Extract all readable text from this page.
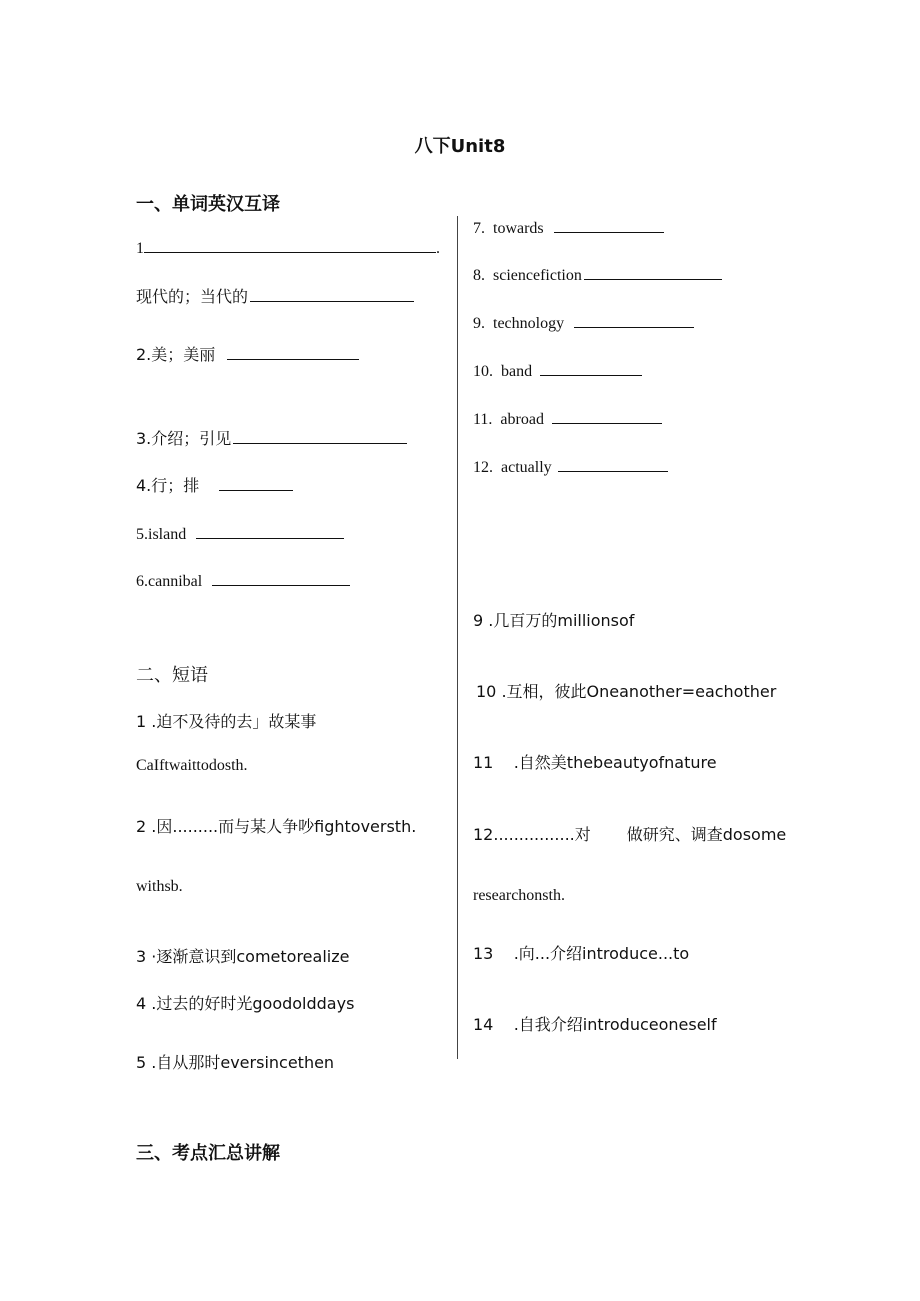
八下Unit8
一、单词英汉互译
1	.
现代的；当代的
2.美；美丽
3.介绍；引见
4.行；排
5.island
6.cannibal
7. towards
8. sciencefiction
9. technology
10. band
11. abroad
12. actually
二、短语
1 .迫不及待的去」故某事
CaIftwaittodosth.
2 .因.........而与某人争吵fightoversth.
withsb.
3 ·逐渐意识到cometorealize
4 .过去的好时光goodolddays
5 .自从那时eversincethen
9 .几百万的millionsof
10 .互相，彼此Oneanother=eachother
11 .自然美thebeautyofnature
12................对 做研究、调查dosome
researchonsth.
13 .向...介绍introduce...to
14 .自我介绍introduceoneself
三、考点汇总讲解
